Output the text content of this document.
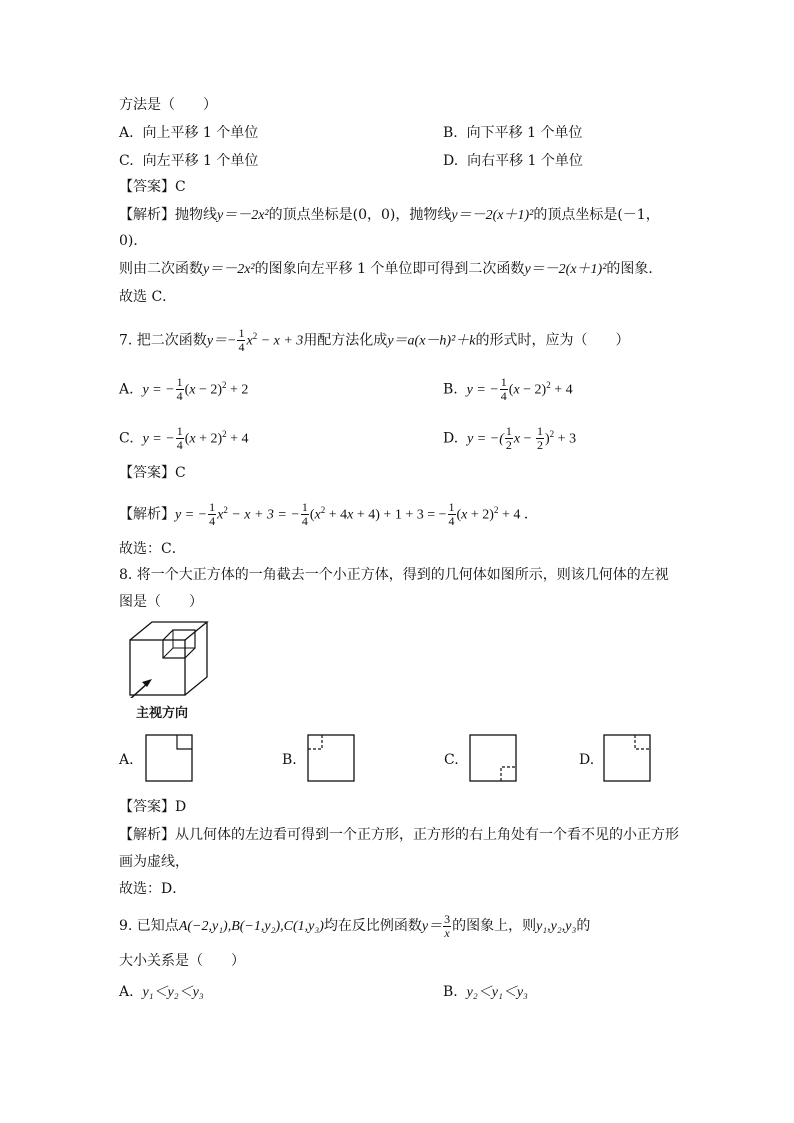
方法是（　　）
A. 向上平移 1 个单位	B. 向下平移 1 个单位
C. 向左平移 1 个单位	D. 向右平移 1 个单位
【答案】C
【解析】抛物线y＝－2x²的顶点坐标是(0，0)，抛物线y＝－2(x＋1)²的顶点坐标是(－1，
0)．
则由二次函数y＝－2x²的图象向左平移 1 个单位即可得到二次函数y＝－2(x＋1)²的图象．
故选 C．
7. 把二次函数$y=- \frac{1}{4} x^2 - x + 3$用配方法化成y＝a(x－h)²＋k的形式时，应为（　　）
A. y = − $\frac{1}{4} (x - 2)^2 + 2$	B. y = − $\frac{1}{4} (x - 2)^2 + 4$
C. y = − $\frac{1}{4} (x + 2)^2 + 4$	D. y = −( $\frac{1}{2}$ $x - \frac{1}{2} )^2 + 3$
【答案】C
【解析】y = − $\frac{1}{4} x^2 - x + 3$ = − $\frac{1}{4} (x^2 + 4x + 4) + 1 + 3$ = − $\frac{1}{4} (x + 2)^2 + 4$ ．
故选：C．
8. 将一个大正方体的一角截去一个小正方体，得到的几何体如图所示，则该几何体的左视
图是（　　）
主视方向
A.	B.	C.	D.
【答案】D
【解析】从几何体的左边看可得到一个正方形，正方形的右上角处有一个看不见的小正方形
画为虚线，
故选：D．
9. 已知点A(−2,y₁),B(−1,y₂),C(1,y₃)均在反比例函数$y= \frac{3}{x}$ 的图象上，则y₁,y₂,y₃的
大小关系是（　　）
A. y₁＜y₂＜y₃	B. y₂＜y₁＜y₃
